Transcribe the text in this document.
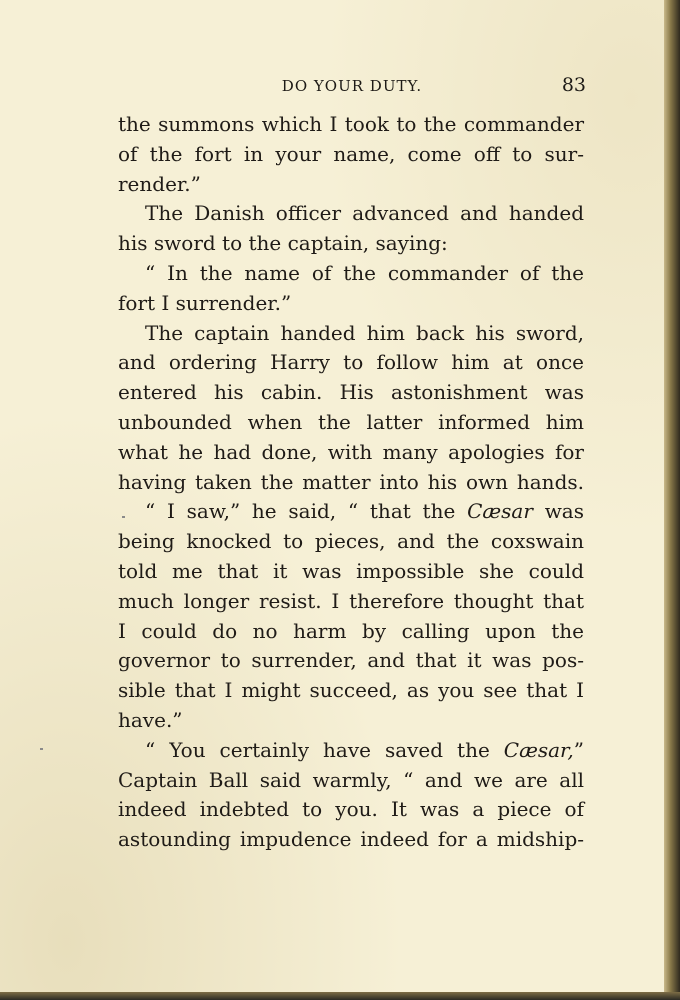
DO YOUR DUTY.	83
the summons which I took to the commander
of the fort in your name, come off to sur-
render.”
The Danish officer advanced and handed
his sword to the captain, saying:
“ In the name of the commander of the
fort I surrender.”
The captain handed him back his sword,
and ordering Harry to follow him at once
entered his cabin. His astonishment was
unbounded when the latter informed him
what he had done, with many apologies for
having taken the matter into his own hands.
“ I saw,” he said, “ that the Cæsar was
being knocked to pieces, and the coxswain
told me that it was impossible she could
much longer resist. I therefore thought that
I could do no harm by calling upon the
governor to surrender, and that it was pos-
sible that I might succeed, as you see that I
have.”
“ You certainly have saved the Cæsar,”
Captain Ball said warmly, “ and we are all
indeed indebted to you. It was a piece of
astounding impudence indeed for a midship-
